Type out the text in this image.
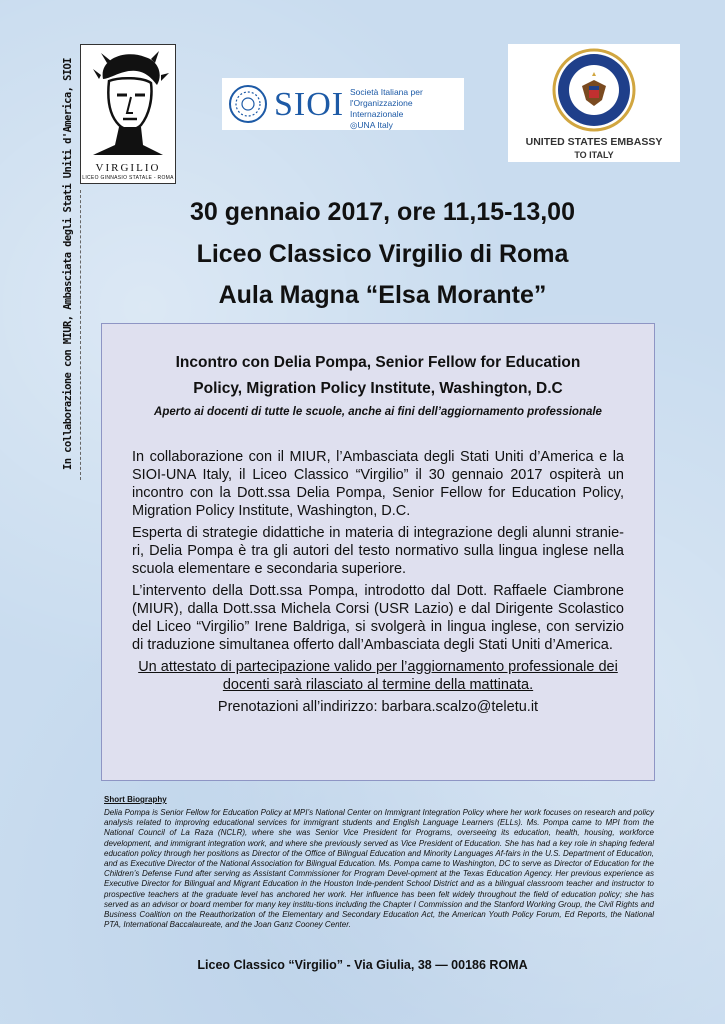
VIRGILIO
LICEO GINNASIO STATALE - ROMA
SIOI Società Italiana per
l'Organizzazione Internazionale
◎UNA Italy
UNITED STATES EMBASSY
TO ITALY
In collaborazione con MIUR, Ambasciata degli Stati Uniti d'America, SIOI	30 gennaio 2017, ore 11,15-13,00
Liceo Classico Virgilio di Roma
Aula Magna “Elsa Morante”
Incontro con Delia Pompa, Senior Fellow for Education
Policy, Migration Policy Institute, Washington, D.C
Aperto ai docenti di tutte le scuole, anche ai fini dell’aggiornamento professionale
In collaborazione con il MIUR, l’Ambasciata degli Stati Uniti d’America e la SIOI-UNA Italy, il Liceo Classico “Virgilio” il 30 gennaio 2017 ospiterà un incontro con la Dott.ssa Delia Pompa, Senior Fellow for Education Policy, Migration Policy Institute, Washington, D.C.
Esperta di strategie didattiche in materia di integrazione degli alunni stranie-ri, Delia Pompa è tra gli autori del testo normativo sulla lingua inglese nella scuola elementare e secondaria superiore.
L’intervento della Dott.ssa Pompa, introdotto dal Dott. Raffaele Ciambrone (MIUR), dalla Dott.ssa Michela Corsi (USR Lazio) e dal Dirigente Scolastico del Liceo “Virgilio” Irene Baldriga, si svolgerà in lingua inglese, con servizio di traduzione simultanea offerto dall’Ambasciata degli Stati Uniti d’America.
Un attestato di partecipazione valido per l’aggiornamento professionale dei docenti sarà rilasciato al termine della mattinata.
Prenotazioni all’indirizzo: barbara.scalzo@teletu.it
Short Biography
Delia Pompa is Senior Fellow for Education Policy at MPI’s National Center on Immigrant Integration Policy where her work focuses on research and policy analysis related to improving educational services for immigrant students and English Language Learners (ELLs). Ms. Pompa came to MPI from the National Council of La Raza (NCLR), where she was Senior Vice President for Programs, overseeing its education, health, housing, workforce development, and immigrant integration work, and where she previously served as Vice President of Education. She has had a key role in shaping federal education policy through her positions as Director of the Office of Bilingual Education and Minority Languages Af-fairs in the U.S. Department of Education, and as Executive Director of the National Association for Bilingual Education. Ms. Pompa came to Washington, DC to serve as Director of Education for the Children’s Defense Fund after serving as Assistant Commissioner for Program Devel-opment at the Texas Education Agency. Her previous experience as Executive Director for Bilingual and Migrant Education in the Houston Inde-pendent School District and as a bilingual classroom teacher and instructor to prospective teachers at the graduate level has anchored her work. Her influence has been felt widely throughout the field of education policy; she has served as an advisor or board member for many key institu-tions including the Chapter I Commission and the Stanford Working Group, the Civil Rights and Business Coalition on the Reauthorization of the Elementary and Secondary Education Act, the American Youth Policy Forum, Ed Reports, the National PTA, International Baccalaureate, and the Joan Ganz Cooney Center.
Liceo Classico “Virgilio” - Via Giulia, 38 — 00186 ROMA
